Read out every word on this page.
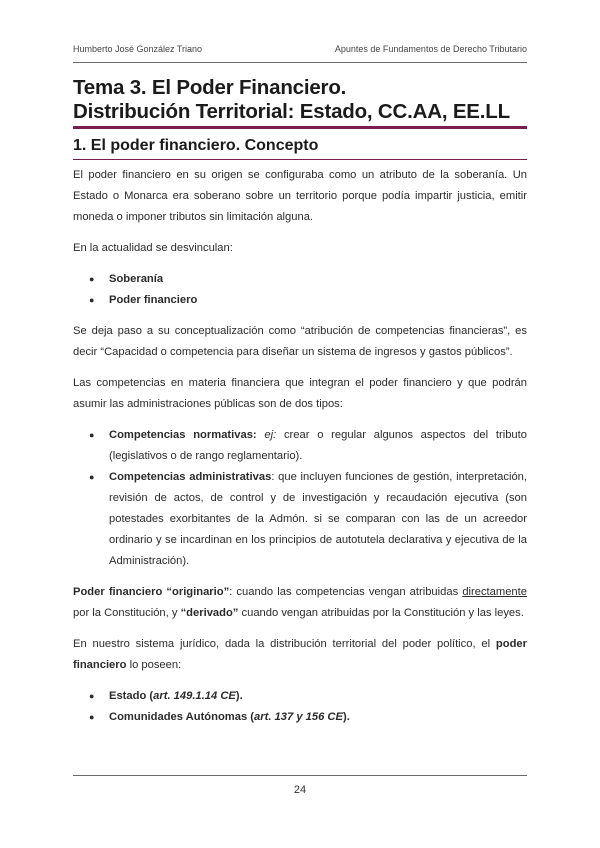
Humberto José González Triano	Apuntes de Fundamentos de Derecho Tributario
Tema 3. El Poder Financiero.
Distribución Territorial: Estado, CC.AA, EE.LL
1. El poder financiero. Concepto

El poder financiero en su origen se configuraba como un atributo de la soberanía. Un Estado o Monarca era soberano sobre un territorio porque podía impartir justicia, emitir moneda o imponer tributos sin limitación alguna.

En la actualidad se desvinculan:

● Soberanía
● Poder financiero

Se deja paso a su conceptualización como “atribución de competencias financieras”, es decir “Capacidad o competencia para diseñar un sistema de ingresos y gastos públicos”.

Las competencias en materia financiera que integran el poder financiero y que podrán asumir las administraciones públicas son de dos tipos:

● Competencias normativas: ej: crear o regular algunos aspectos del tributo (legislativos o de rango reglamentario).
● Competencias administrativas: que incluyen funciones de gestión, interpretación, revisión de actos, de control y de investigación y recaudación ejecutiva (son potestades exorbitantes de la Admón. si se comparan con las de un acreedor ordinario y se incardinan en los principios de autotutela declarativa y ejecutiva de la Administración).

Poder financiero “originario”: cuando las competencias vengan atribuidas directamente por la Constitución, y “derivado” cuando vengan atribuidas por la Constitución y las leyes.

En nuestro sistema jurídico, dada la distribución territorial del poder político, el poder financiero lo poseen:

● Estado (art. 149.1.14 CE).
● Comunidades Autónomas (art. 137 y 156 CE).
24
